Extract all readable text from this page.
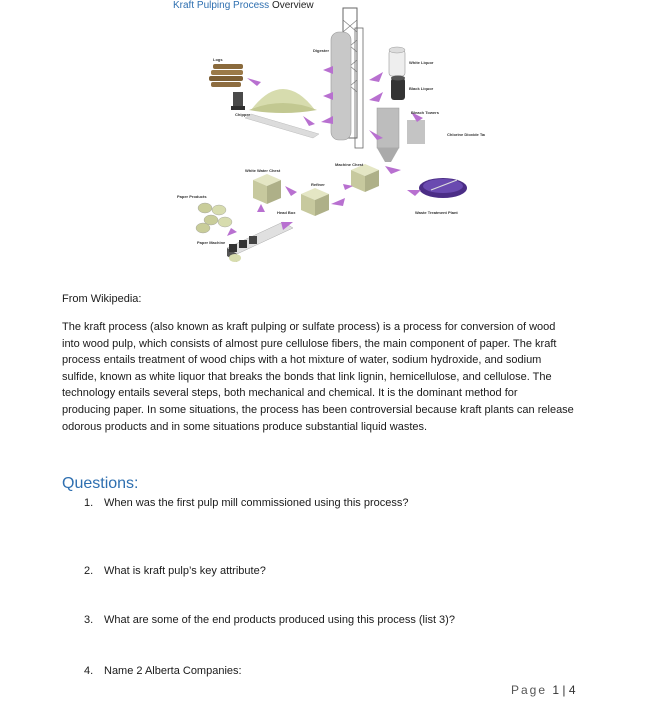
Kraft Pulping Process Overview
Logs
Chipper
Digester
White Liquor
Black Liquor
Bleach Towers
Chlorine Dioxide Tank
Machine Chest
White Water Chest
Refiner
Head Box
Paper Products
Paper Machine
Waste Treatment Plant
From Wikipedia:
The kraft process (also known as kraft pulping or sulfate process) is a process for conversion of wood
into wood pulp, which consists of almost pure cellulose fibers, the main component of paper. The kraft
process entails treatment of wood chips with a hot mixture of water, sodium hydroxide, and sodium
sulfide, known as white liquor that breaks the bonds that link lignin, hemicellulose, and cellulose. The
technology entails several steps, both mechanical and chemical. It is the dominant method for
producing paper. In some situations, the process has been controversial because kraft plants can release
odorous products and in some situations produce substantial liquid wastes.
Questions:
1. When was the first pulp mill commissioned using this process?
2. What is kraft pulp’s key attribute?
3. What are some of the end products produced using this process (list 3)?
4. Name 2 Alberta Companies:
Page 1 | 4
